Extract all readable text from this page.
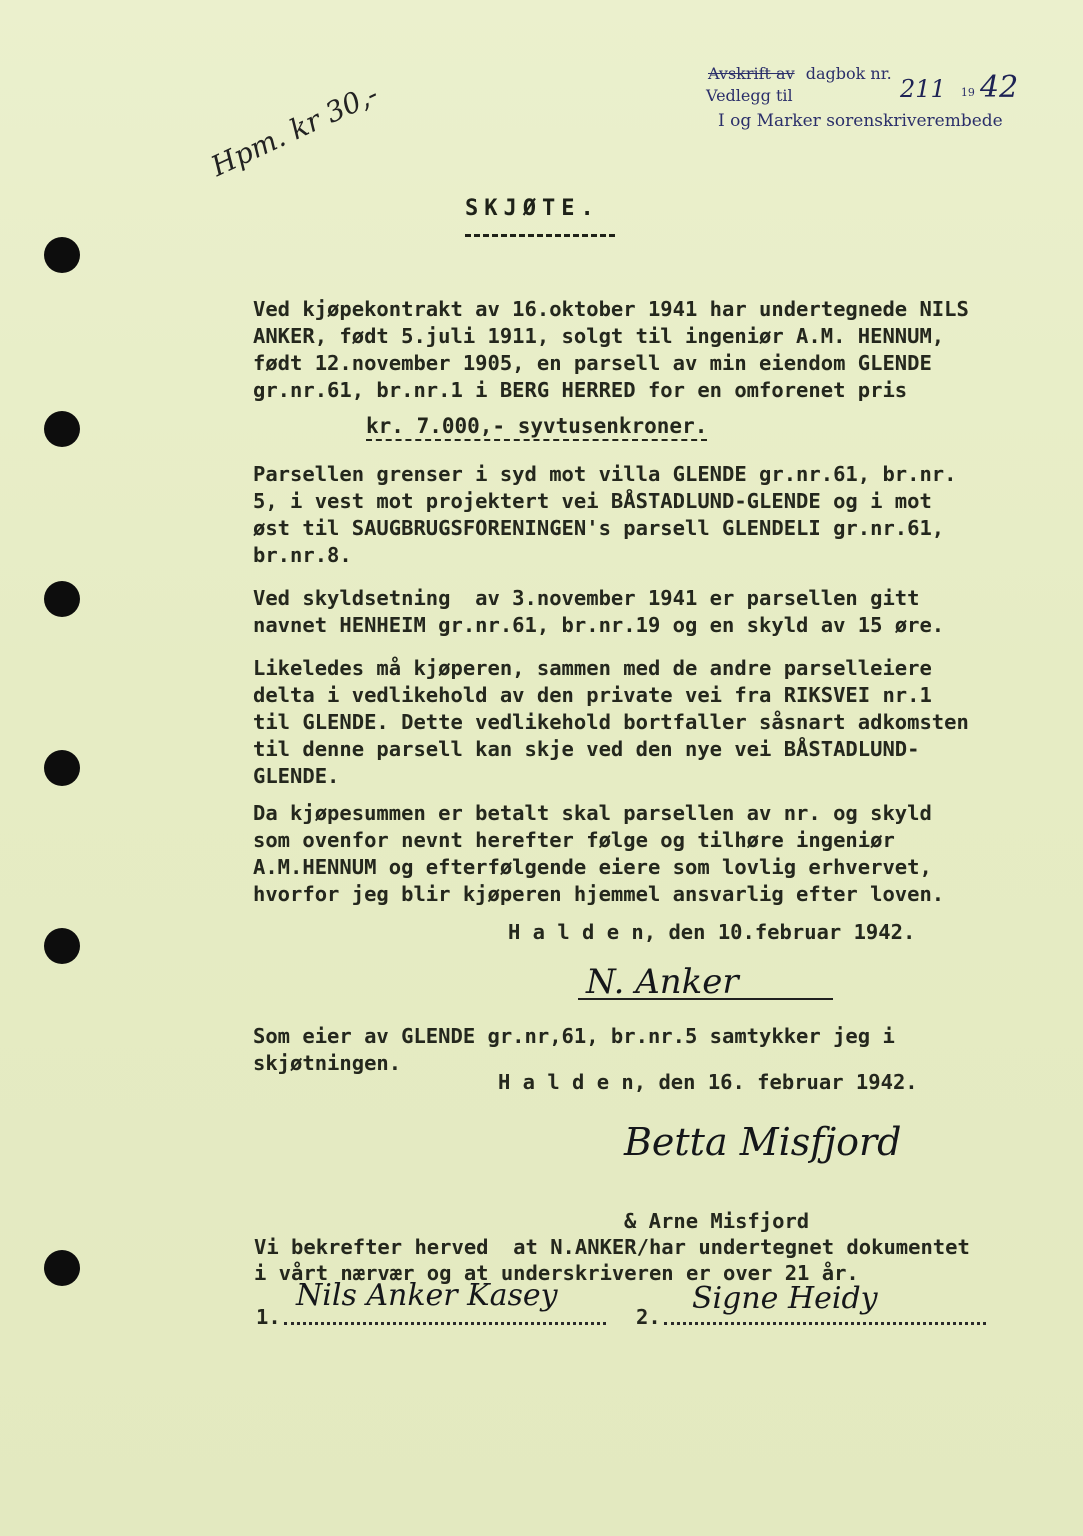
Avskrift av dagbok nr.
Vedlegg til	211 19 42
I og Marker sorenskriverembede
Hpm. kr 30,-
SKJØTE.

Ved kjøpekontrakt av 16.oktober 1941 har undertegnede NILS
ANKER, født 5.juli 1911, solgt til ingeniør A.M. HENNUM,
født 12.november 1905, en parsell av min eiendom GLENDE
gr.nr.61, br.nr.1 i BERG HERRED for en omforenet pris

kr. 7.000,- syvtusenkroner.

Parsellen grenser i syd mot villa GLENDE gr.nr.61, br.nr.
5, i vest mot projektert vei BÅSTADLUND-GLENDE og i mot
øst til SAUGBRUGSFORENINGEN's parsell GLENDELI gr.nr.61,
br.nr.8.

Ved skyldsetning  av 3.november 1941 er parsellen gitt
navnet HENHEIM gr.nr.61, br.nr.19 og en skyld av 15 øre.

Likeledes må kjøperen, sammen med de andre parselleiere
delta i vedlikehold av den private vei fra RIKSVEI nr.1
til GLENDE. Dette vedlikehold bortfaller såsnart adkomsten
til denne parsell kan skje ved den nye vei BÅSTADLUND-
GLENDE.

Da kjøpesummen er betalt skal parsellen av nr. og skyld
som ovenfor nevnt herefter følge og tilhøre ingeniør
A.M.HENNUM og efterfølgende eiere som lovlig erhvervet,
hvorfor jeg blir kjøperen hjemmel ansvarlig efter loven.

H a l d e n, den 10.februar 1942.
N. Anker

Som eier av GLENDE gr.nr,61, br.nr.5 samtykker jeg i
skjøtningen.

H a l d e n, den 16. februar 1942.
Betta Misfjord
& Arne Misfjord
Vi bekrefter herved  at N.ANKER/har undertegnet dokumentet
i vårt nærvær og at underskriveren er over 21 år.
1.
Nils Anker Kasey
2.
Signe Heidy
